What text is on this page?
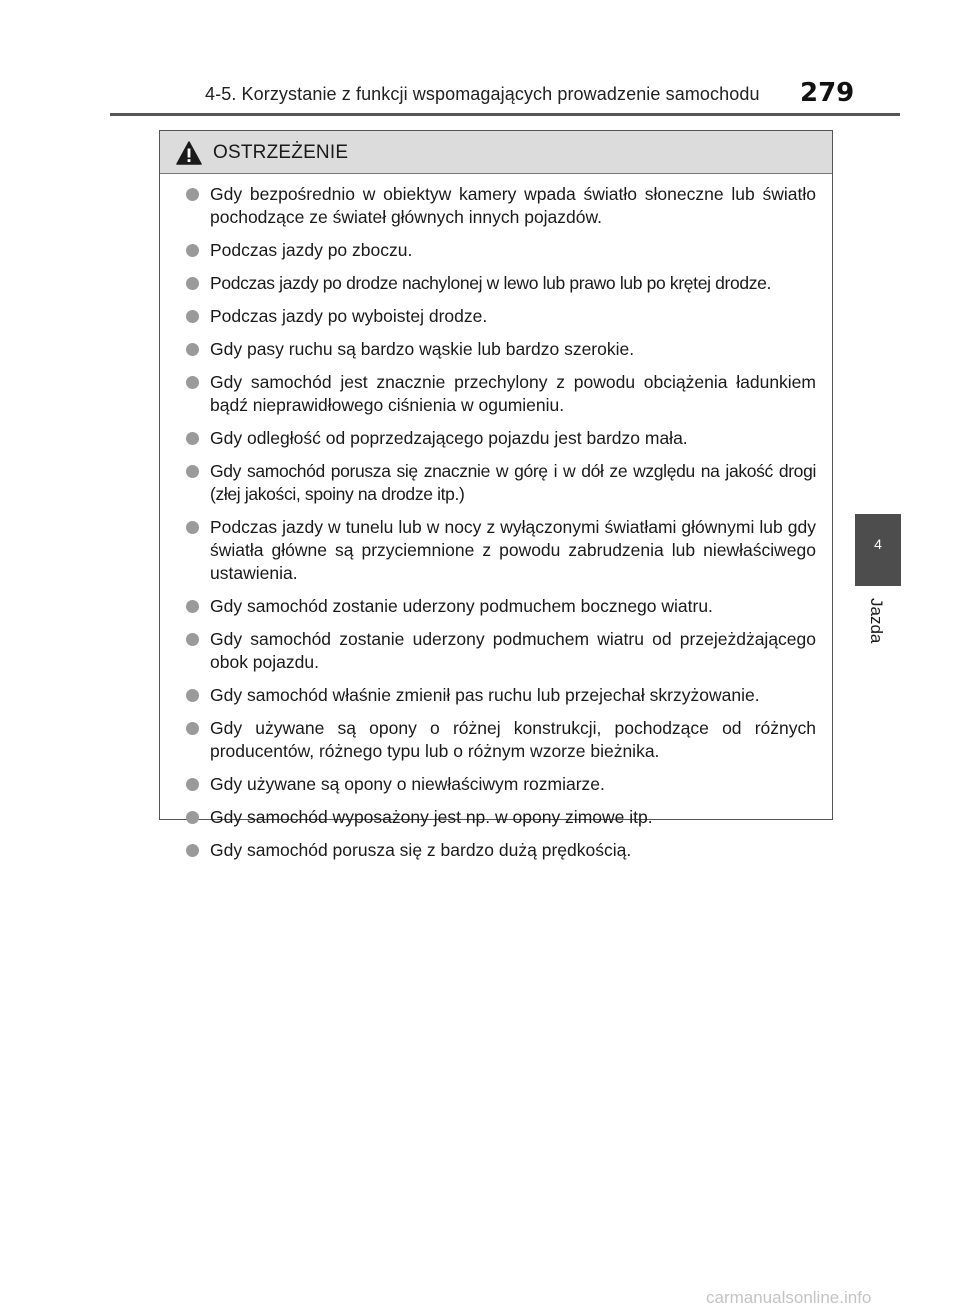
4-5. Korzystanie z funkcji wspomagających prowadzenie samochodu 279
OSTRZEŻENIE
Gdy bezpośrednio w obiektyw kamery wpada światło słoneczne lub światło pochodzące ze świateł głównych innych pojazdów.
Podczas jazdy po zboczu.
Podczas jazdy po drodze nachylonej w lewo lub prawo lub po krętej drodze.
Podczas jazdy po wyboistej drodze.
Gdy pasy ruchu są bardzo wąskie lub bardzo szerokie.
Gdy samochód jest znacznie przechylony z powodu obciążenia ładunkiem bądź nieprawidłowego ciśnienia w ogumieniu.
Gdy odległość od poprzedzającego pojazdu jest bardzo mała.
Gdy samochód porusza się znacznie w górę i w dół ze względu na jakość drogi (złej jakości, spoiny na drodze itp.)
Podczas jazdy w tunelu lub w nocy z wyłączonymi światłami głównymi lub gdy światła główne są przyciemnione z powodu zabrudzenia lub niewłaściwego ustawienia.
Gdy samochód zostanie uderzony podmuchem bocznego wiatru.
Gdy samochód zostanie uderzony podmuchem wiatru od przejeżdżającego obok pojazdu.
Gdy samochód właśnie zmienił pas ruchu lub przejechał skrzyżowanie.
Gdy używane są opony o różnej konstrukcji, pochodzące od różnych producentów, różnego typu lub o różnym wzorze bieżnika.
Gdy używane są opony o niewłaściwym rozmiarze.
Gdy samochód wyposażony jest np. w opony zimowe itp.
Gdy samochód porusza się z bardzo dużą prędkością.
4
Jazda
carmanualsonline.info
